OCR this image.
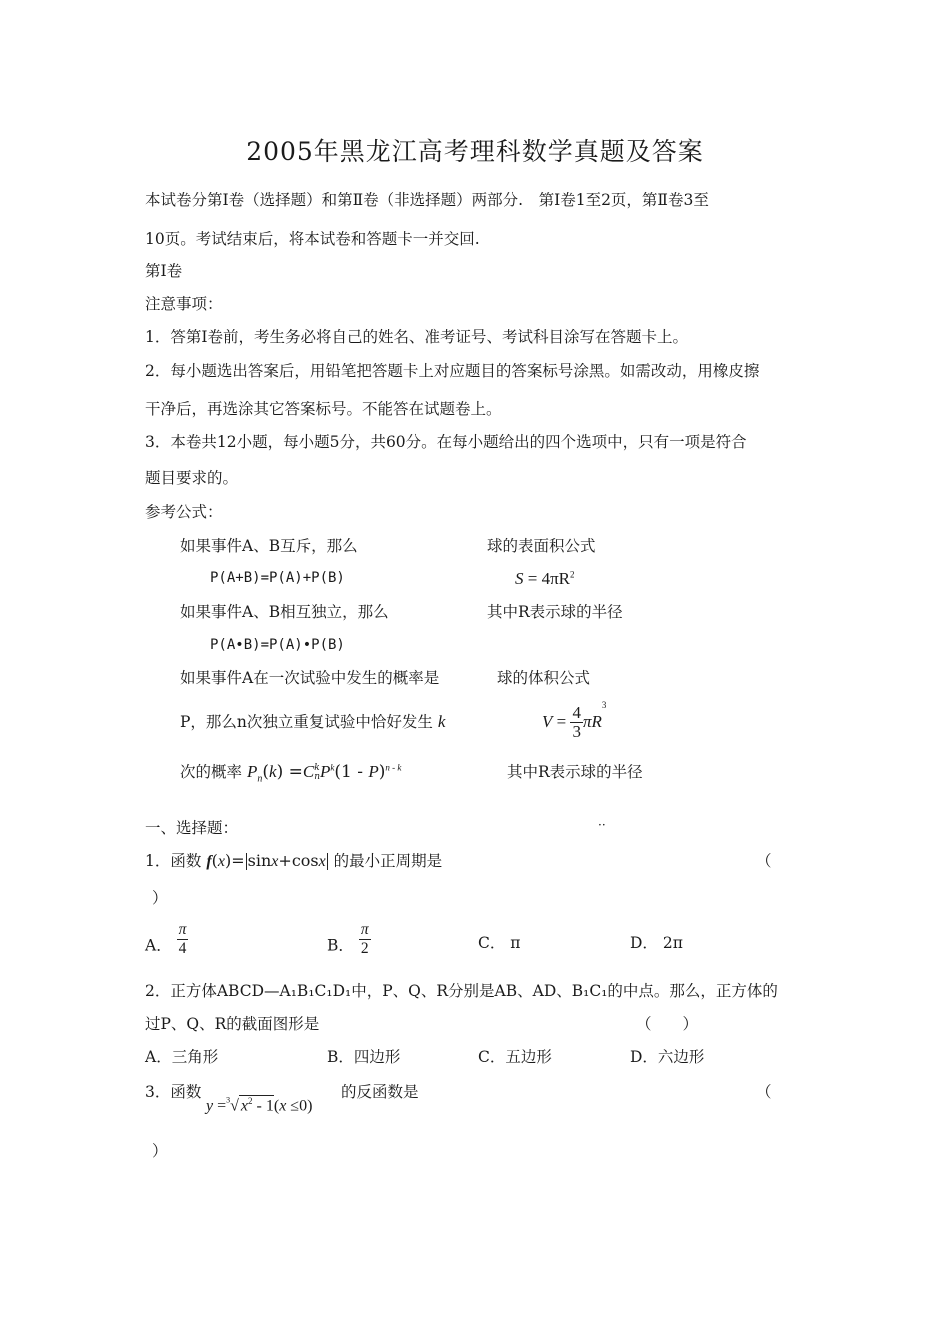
2005年黑龙江高考理科数学真题及答案
本试卷分第Ⅰ卷（选择题）和第Ⅱ卷（非选择题）两部分.　第Ⅰ卷1至2页，第Ⅱ卷3至
10页。考试结束后，将本试卷和答题卡一并交回.
第Ⅰ卷
注意事项：
1．答第Ⅰ卷前，考生务必将自己的姓名、准考证号、考试科目涂写在答题卡上。
2．每小题选出答案后，用铅笔把答题卡上对应题目的答案标号涂黑。如需改动，用橡皮擦
干净后，再选涂其它答案标号。不能答在试题卷上。
3．本卷共12小题，每小题5分，共60分。在每小题给出的四个选项中，只有一项是符合
题目要求的。
参考公式：
如果事件A、B互斥，那么
P(A+B)=P(A)+P(B)
如果事件A、B相互独立，那么
P(A•B)=P(A)•P(B)
如果事件A在一次试验中发生的概率是
P，那么n次独立重复试验中恰好发生 k
次的概率 $P_n(k) =Ck$
$nP^k(1 - P)^{n - k}$
球的表面积公式
$S = 4\pi R^2$
其中R表示球的半径
球的体积公式
$V = \frac{4}{3} \pi R^3$
其中R表示球的半径
一、选择题：	··
1．函数 f(x)= sinx+cosx 的最小正周期是	（
）
A． $\frac{\pi}{4}$	B． $\frac{\pi}{2}$	C． π	D． 2π
2．正方体ABCD—A₁B₁C₁D₁中，P、Q、R分别是AB、AD、B₁C₁的中点。那么，正方体的
过P、Q、R的截面图形是	（　　）
A．三角形	B．四边形	C．五边形	D．六边形
3．函数
y =$^3$√ $x^2 - 1(x \le 0)$
的反函数是	（
）
